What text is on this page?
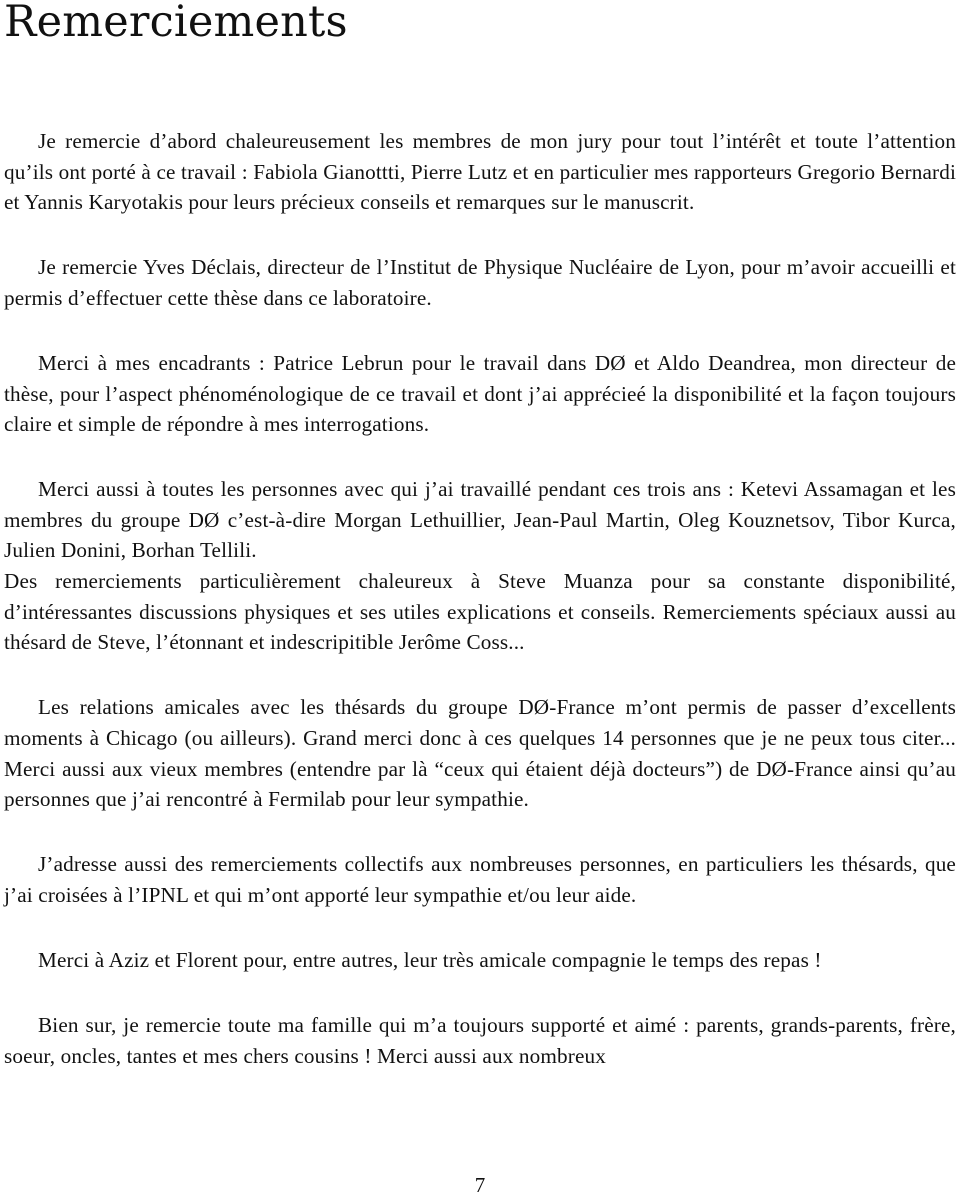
Remerciements

Je remercie d’abord chaleureusement les membres de mon jury pour tout l’intérêt et toute l’attention qu’ils ont porté à ce travail : Fabiola Gianottti, Pierre Lutz et en particulier mes rapporteurs Gregorio Bernardi et Yannis Karyotakis pour leurs précieux conseils et remarques sur le manuscrit.

Je remercie Yves Déclais, directeur de l’Institut de Physique Nucléaire de Lyon, pour m’avoir accueilli et permis d’effectuer cette thèse dans ce laboratoire.

Merci à mes encadrants : Patrice Lebrun pour le travail dans DØ et Aldo Deandrea, mon directeur de thèse, pour l’aspect phénoménologique de ce travail et dont j’ai apprécieé la disponibilité et la façon toujours claire et simple de répondre à mes interrogations.

Merci aussi à toutes les personnes avec qui j’ai travaillé pendant ces trois ans : Ketevi Assamagan et les membres du groupe DØ c’est-à-dire Morgan Lethuillier, Jean-Paul Martin, Oleg Kouznetsov, Tibor Kurca, Julien Donini, Borhan Tellili.

Des remerciements particulièrement chaleureux à Steve Muanza pour sa constante disponibilité, d’intéressantes discussions physiques et ses utiles explications et conseils. Remerciements spéciaux aussi au thésard de Steve, l’étonnant et indescripitible Jerôme Coss...

Les relations amicales avec les thésards du groupe DØ-France m’ont permis de passer d’excellents moments à Chicago (ou ailleurs). Grand merci donc à ces quelques 14 personnes que je ne peux tous citer... Merci aussi aux vieux membres (entendre par là “ceux qui étaient déjà docteurs”) de DØ-France ainsi qu’au personnes que j’ai rencontré à Fermilab pour leur sympathie.

J’adresse aussi des remerciements collectifs aux nombreuses personnes, en particuliers les thésards, que j’ai croisées à l’IPNL et qui m’ont apporté leur sympathie et/ou leur aide.

Merci à Aziz et Florent pour, entre autres, leur très amicale compagnie le temps des repas !

Bien sur, je remercie toute ma famille qui m’a toujours supporté et aimé : parents, grands-parents, frère, soeur, oncles, tantes et mes chers cousins ! Merci aussi aux nombreux

7
